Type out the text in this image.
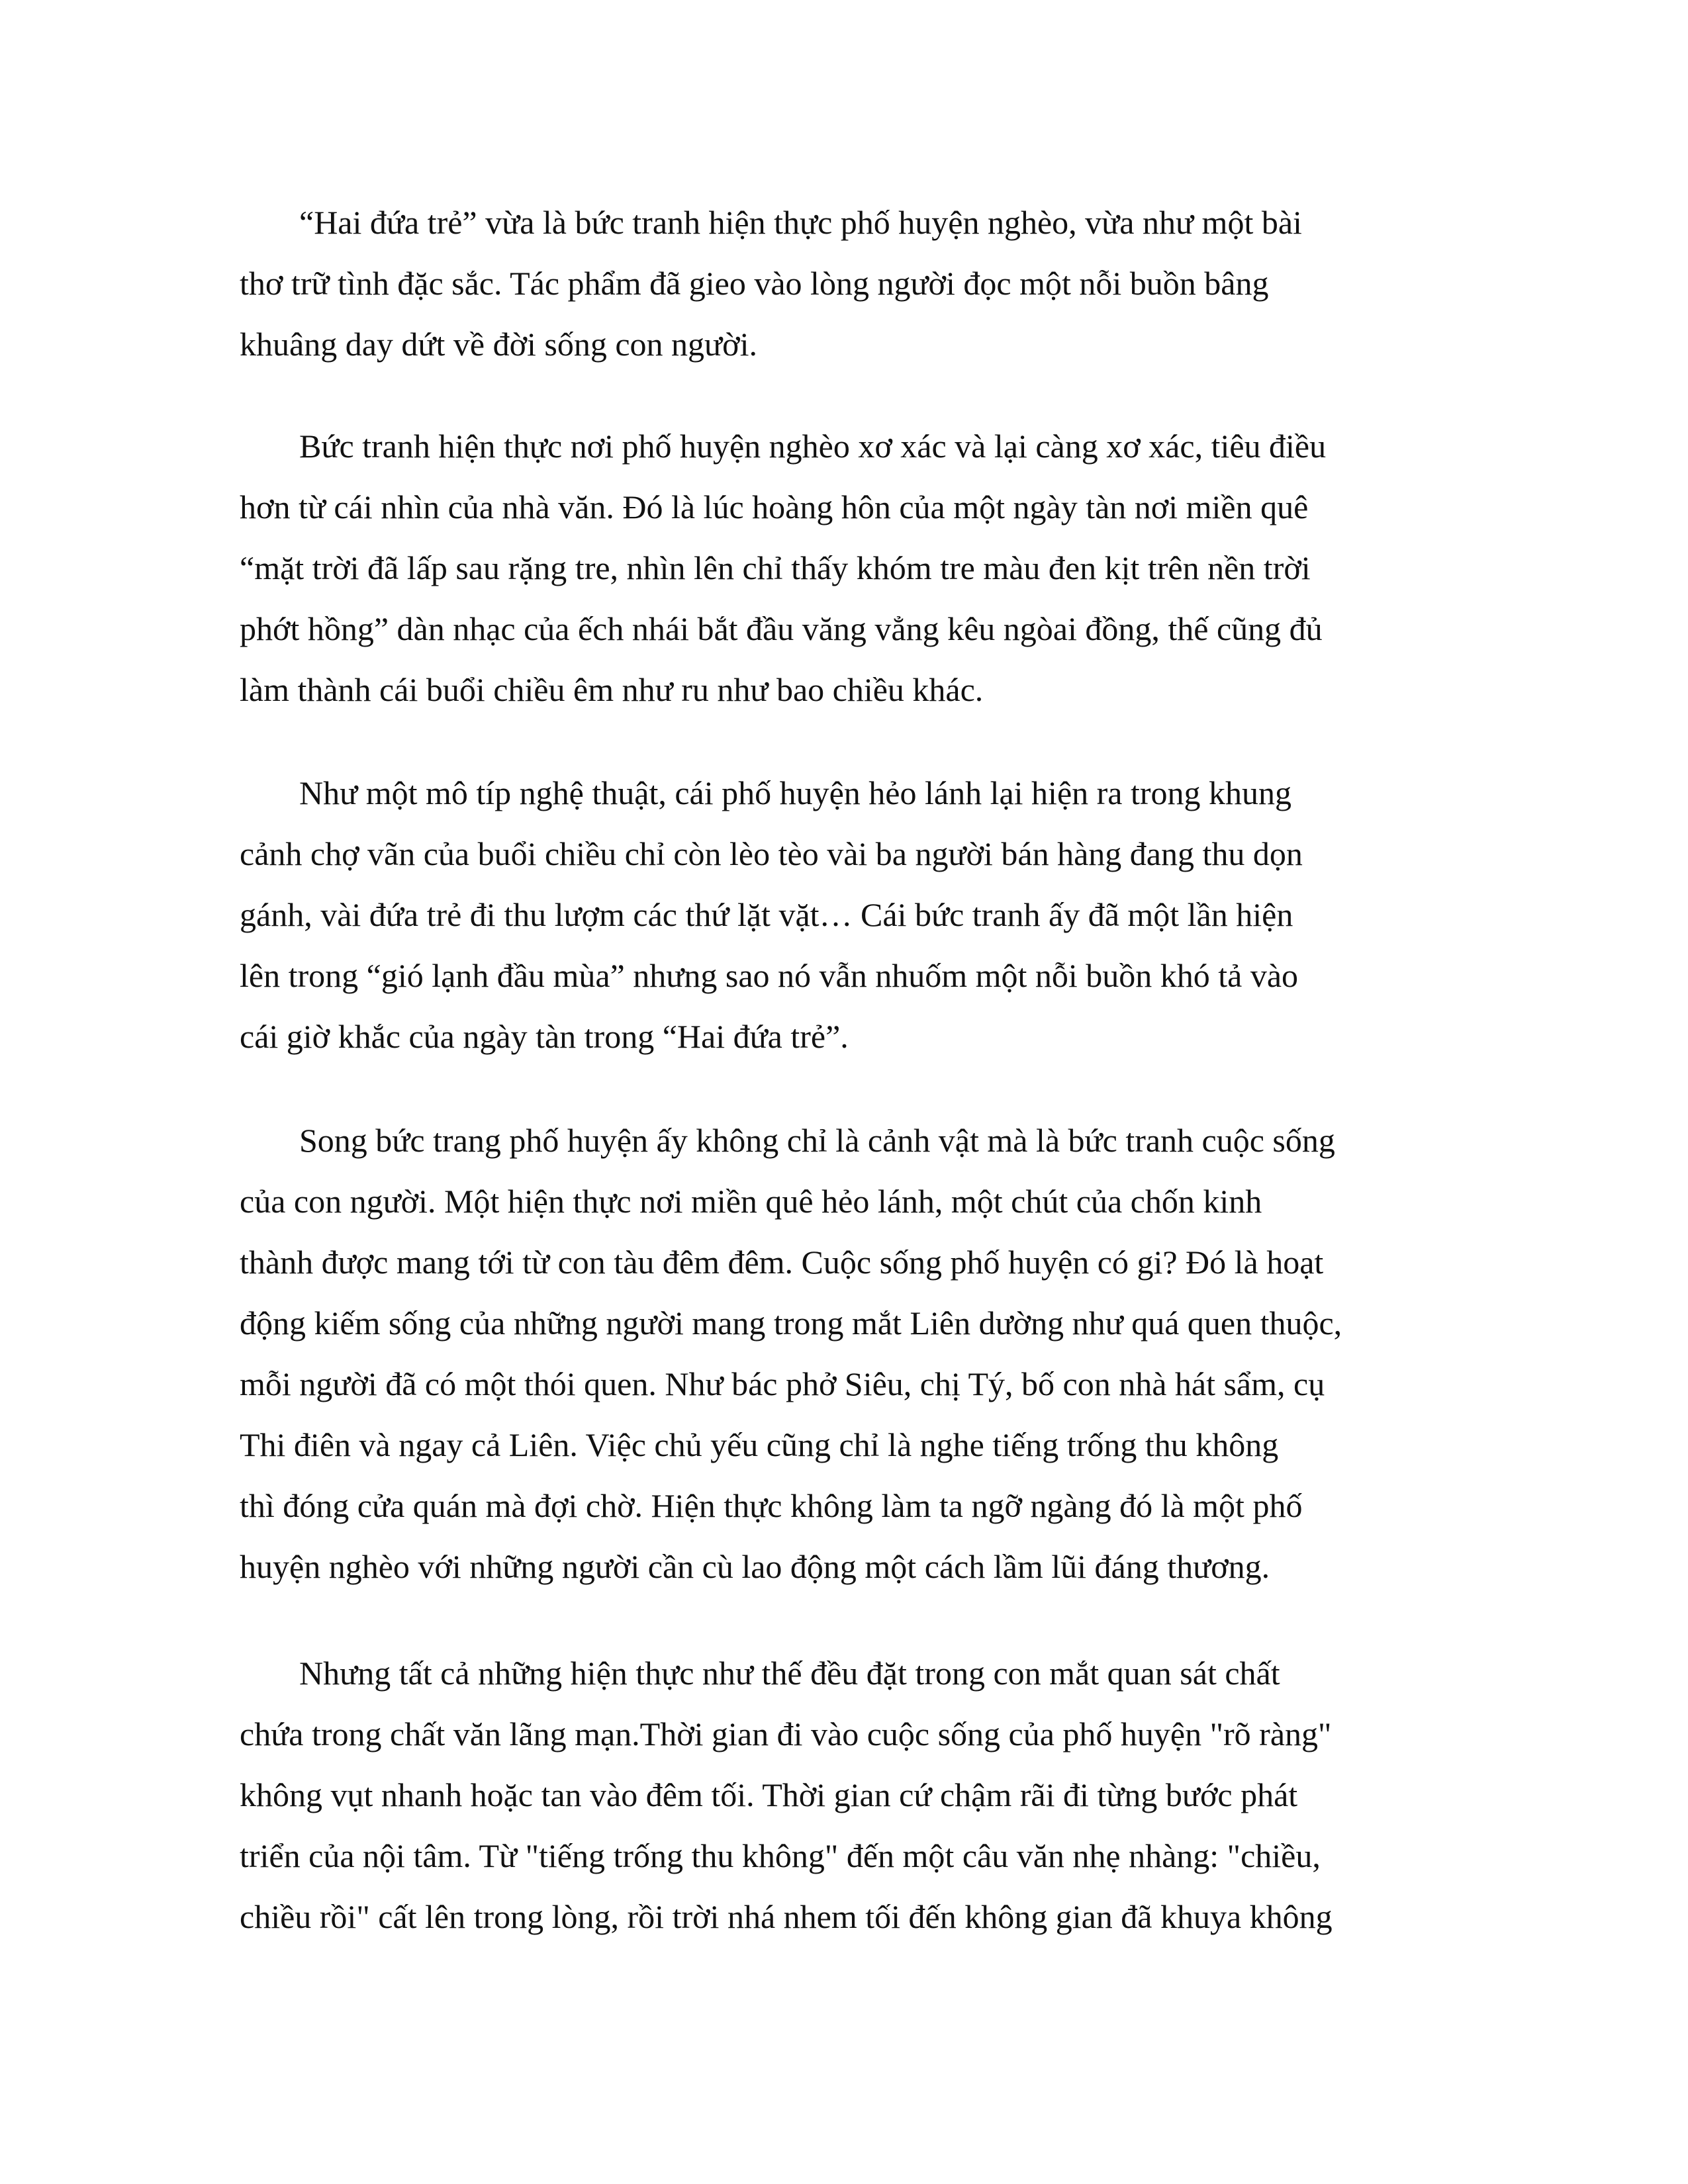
“Hai đứa trẻ” vừa là bức tranh hiện thực phố huyện nghèo, vừa như một bài
thơ trữ tình đặc sắc. Tác phẩm đã gieo vào lòng người đọc một nỗi buồn bâng
khuâng day dứt về đời sống con người.

Bức tranh hiện thực nơi phố huyện nghèo xơ xác và lại càng xơ xác, tiêu điều
hơn từ cái nhìn của nhà văn. Đó là lúc hoàng hôn của một ngày tàn nơi miền quê
“mặt trời đã lấp sau rặng tre, nhìn lên chỉ thấy khóm tre màu đen kịt trên nền trời
phớt hồng” dàn nhạc của ếch nhái bắt đầu văng vẳng kêu ngòai đồng, thế cũng đủ
làm thành cái buổi chiều êm như ru như bao chiều khác.

Như một mô típ nghệ thuật, cái phố huyện hẻo lánh lại hiện ra trong khung
cảnh chợ vãn của buổi chiều chỉ còn lèo tèo vài ba người bán hàng đang thu dọn
gánh, vài đứa trẻ đi thu lượm các thứ lặt vặt… Cái bức tranh ấy đã một lần hiện
lên trong “gió lạnh đầu mùa” nhưng sao nó vẫn nhuốm một nỗi buồn khó tả vào
cái giờ khắc của ngày tàn trong “Hai đứa trẻ”.

Song bức trang phố huyện ấy không chỉ là cảnh vật mà là bức tranh cuộc sống
của con người. Một hiện thực nơi miền quê hẻo lánh, một chút của chốn kinh
thành được mang tới từ con tàu đêm đêm. Cuộc sống phố huyện có gi? Đó là hoạt
động kiếm sống của những người mang trong mắt Liên dường như quá quen thuộc,
mỗi người đã có một thói quen. Như bác phở Siêu, chị Tý, bố con nhà hát sẩm, cụ
Thi điên và ngay cả Liên. Việc chủ yếu cũng chỉ là nghe tiếng trống thu không
thì đóng cửa quán mà đợi chờ. Hiện thực không làm ta ngỡ ngàng đó là một phố
huyện nghèo với những người cần cù lao động một cách lầm lũi đáng thương.

Nhưng tất cả những hiện thực như thế đều đặt trong con mắt quan sát chất
chứa trong chất văn lãng mạn.Thời gian đi vào cuộc sống của phố huyện "rõ ràng"
không vụt nhanh hoặc tan vào đêm tối. Thời gian cứ chậm rãi đi từng bước phát
triển của nội tâm. Từ "tiếng trống thu không" đến một câu văn nhẹ nhàng: "chiều,
chiều rồi" cất lên trong lòng, rồi trời nhá nhem tối đến không gian đã khuya không
